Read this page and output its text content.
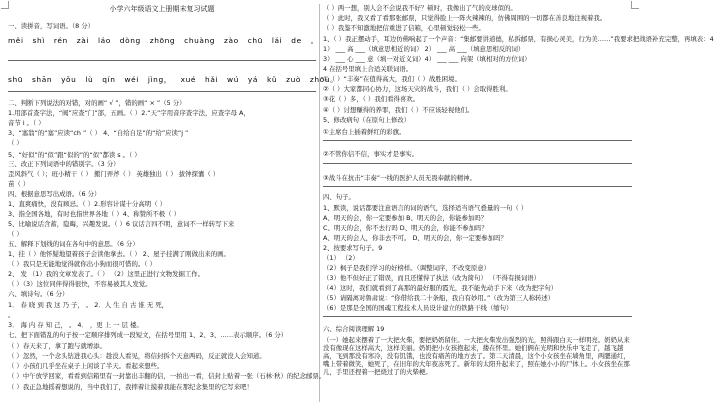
小学六年级语文上册期末复习试题
一、读拼音，写词语。（8 分）
měi shì rén zài láo dòng zhōng chuàng zào chū lái de 。
shū shān yǒu lù qín wéi jìng， xué hǎi wú yá kǔ zuò zhōu。
二、判断下列说法的对错，对的画“ √ ”，错的画“ × ”（5 分）
1.用部首查字法，“阀”应查“门”部，五画。（ ）2.“天”字用音序查字法，应查字母 A，
音节 i 。（ ）
3、“塞翁”的“塞”应读“ch ”（ ） 4、“自给自足”的“给”应读“j ”
（ ）
5、“好似”的“似”跟“似的”的“似”都读 s 。（ ）
三、改正下列词语中的错别字。（3 分）
歪风斜气（ ）；班小精干（ ） 搬门弄斧（ ） 英雄独出（ ） 拔钟探囊（ ）
苗（ ）
四、根据意思写出成语。（6 分）
1、直爽痛快，没有顾忌。（ ）2.形容计谋十分高明（ ）
3、指全国各地，有时也指世界各地（ ）4、称赞所不极（ ）
5、比喻说话含蓄，隐晦，兴趣发说。（ ）6 议话言四不明，意词不一样转写下来
（ ）
五、解释下划线的词在各句中的意思。（6 分）
1、挂（ ）他怀疑地望着孩子会读他拿去。（ ） 2、屋子挂满了刚做出来的画。
（ ）我只是无能地觉得就你出小狗而很可惜的。（ ）
2、 发 （1）我的文章发表了。（ ） （2）这里正进行文物发掘工作。
（ ）（3）这位同伴得得很快，不容易被其人发觉。
六、填诗句。（6 分）
1． 春 晓 到 我 这 乃 子， 。 2．人 生 自 古 谁 无 死，
。
3． 海 内 存 知 己， 。 4． ，更 上 一 层 楼。
七、把下面错乱的句子按一定顺序排列成一段短文，在括号里用 1、2、3、……表示顺序。（6 分）
（ ）春天来了，拿了跑与就增添。
（ ）忽然，一个念头钻进我心头：趁没人看见，将信封拆个天意两码，反正就没人会知道。
（ ）小孩们几乎坐在桌子上闲谈了半天。看起来想些。
（ ）中午放学回家，看看到信箱里有一封靠出丰翻的信，一拍出一看，信封上贴着一张（石林·秋）的纪念邮票。
（ ）我正急地摇着想说的，当中我们了，我摔着让摸着我能在那纪念集里的它写来吧！
（ ）两一想，别人会不会说我不好？顿时，我像出了气的皮球似的。
（ ）此时，我又看了看那张邮票，只觉得脸上一阵火辣辣的，仿佛周围的一切都在善良地注视着我。
（ ）我鉴不知激地把信重进了信箱，心里顿觉轻松一些。
1、（ ）我正摆动手，耳边仿佛响起了一个声音：“集邮要讲道德，私拆邮票，有损心灵美，行为美……”我要求把战语补充完整，再填表：4
1） ___ 高 ___（填意思相近的词） 2） ___ 高 ___（填意思相反的词）
3） ___ 心 ___ 意（填一对近义词）4） ___ ___ 向架（填相对的方位词）
4 在括号里填上合适关联词语。
①（ ）“丰奏”在值得高大，我们（ ）战胜困境。
②（ ）大家都同心协力，这场天灾的战斗，我们（ ）会取得胜利。
③花（ ）多，（ ）我们看得喜欢。
④（ ）讨想赚得的养罪，我们（ ）不应该轻视他们。
5、修改病句（在原句上修改）
①主席台上插着鲜红的彩旗。
②不管你信不信，事实才是事实。
③战斗在抗击“丰奏”一线的医护人员无畏奉献的精神。
四、句子。
1、默读，说话都要注意语言的词的语气，选择适当语气叠量的一句（ ）
A、明天的会，你一定要参加 B、明天的会，你能参加吗？
C、明天的会，你不去行吗 D、明天的会，你能不参加吗？
A、明天的会人，你非去不可。 D、明天的会，你一定要参加吗？
2、按要求写句子。9
（1） （2）
（2）枫子是我们学习的好榜样。（调整词序，不改变原意）
（3）他不但好正了错误，而且还懂得了执法（改为简句） （不得有损词语）
（4）这时，我们就看到了高那的最好服的霞光，我不能先动手下来（改为把字句）
（5）请隔离对鲁肃说：“你借给我二十条船，我自有妙用。”（改为第三人称转述）
（6）是那是全国的国魂工程技术人员设计建立的铁路干线（缩句）
六、综合阅读理解 19
（一）她起来摆着了一大把火柴，要把奶奶留住。一大把火柴发出强烈的光，照得跟白天一样明亮。奶奶从来没有像现在这样高大，这样美丽。奶奶把小女孩抱起来，搂在怀里。她们俩在光明和快乐中飞走了，越飞越高，飞到那没有寒冷，没有饥饿，也没有痛苦的地方去了。第二天清晨，这个小女孩坐在墙角里，两腮通红，嘴上带着微笑，她死了，在旧年的大年夜冻死了。新年的太阳升起来了，照在她小小的尸体上。小女孩坐在那儿，手里还捏着一把烧过了的火柴梗。
